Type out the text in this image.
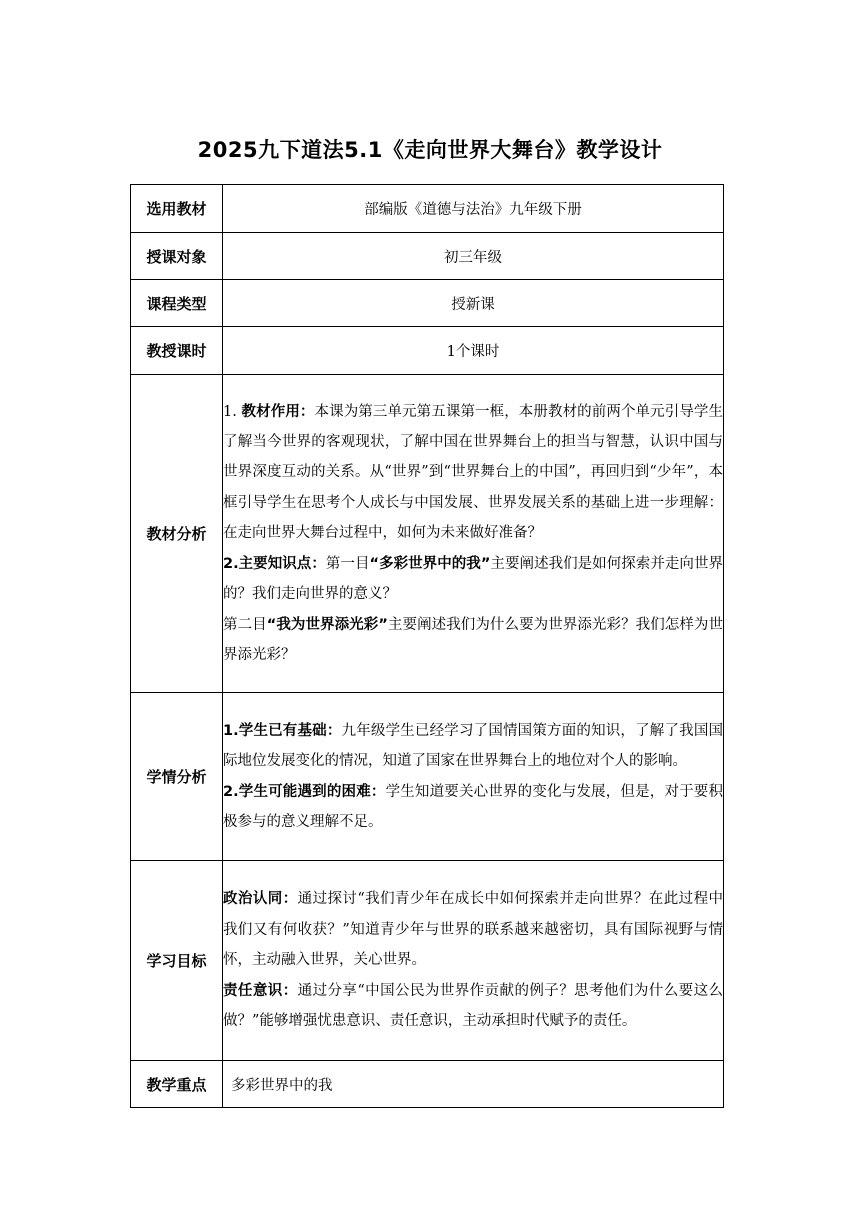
2025九下道法5.1《走向世界大舞台》教学设计
选用教材	部编版《道德与法治》九年级下册
授课对象	初三年级
课程类型	授新课
教授课时	1个课时
教材分析	1. 教材作用：本课为第三单元第五课第一框，本册教材的前两个单元引导学生了解当今世界的客观现状，了解中国在世界舞台上的担当与智慧，认识中国与世界深度互动的关系。从“世界”到“世界舞台上的中国”，再回归到“少年”，本框引导学生在思考个人成长与中国发展、世界发展关系的基础上进一步理解：在走向世界大舞台过程中，如何为未来做好准备？

2.主要知识点：第一目“多彩世界中的我”主要阐述我们是如何探索并走向世界的？我们走向世界的意义？

第二目“我为世界添光彩”主要阐述我们为什么要为世界添光彩？我们怎样为世界添光彩？

学情分析	1.学生已有基础：九年级学生已经学习了国情国策方面的知识，了解了我国国际地位发展变化的情况，知道了国家在世界舞台上的地位对个人的影响。

2.学生可能遇到的困难：学生知道要关心世界的变化与发展，但是，对于要积极参与的意义理解不足。

学习目标	政治认同：通过探讨“我们青少年在成长中如何探索并走向世界？在此过程中我们又有何收获？”知道青少年与世界的联系越来越密切，具有国际视野与情怀，主动融入世界，关心世界。

责任意识：通过分享“中国公民为世界作贡献的例子？思考他们为什么要这么做？”能够增强忧患意识、责任意识，主动承担时代赋予的责任。

教学重点	多彩世界中的我
